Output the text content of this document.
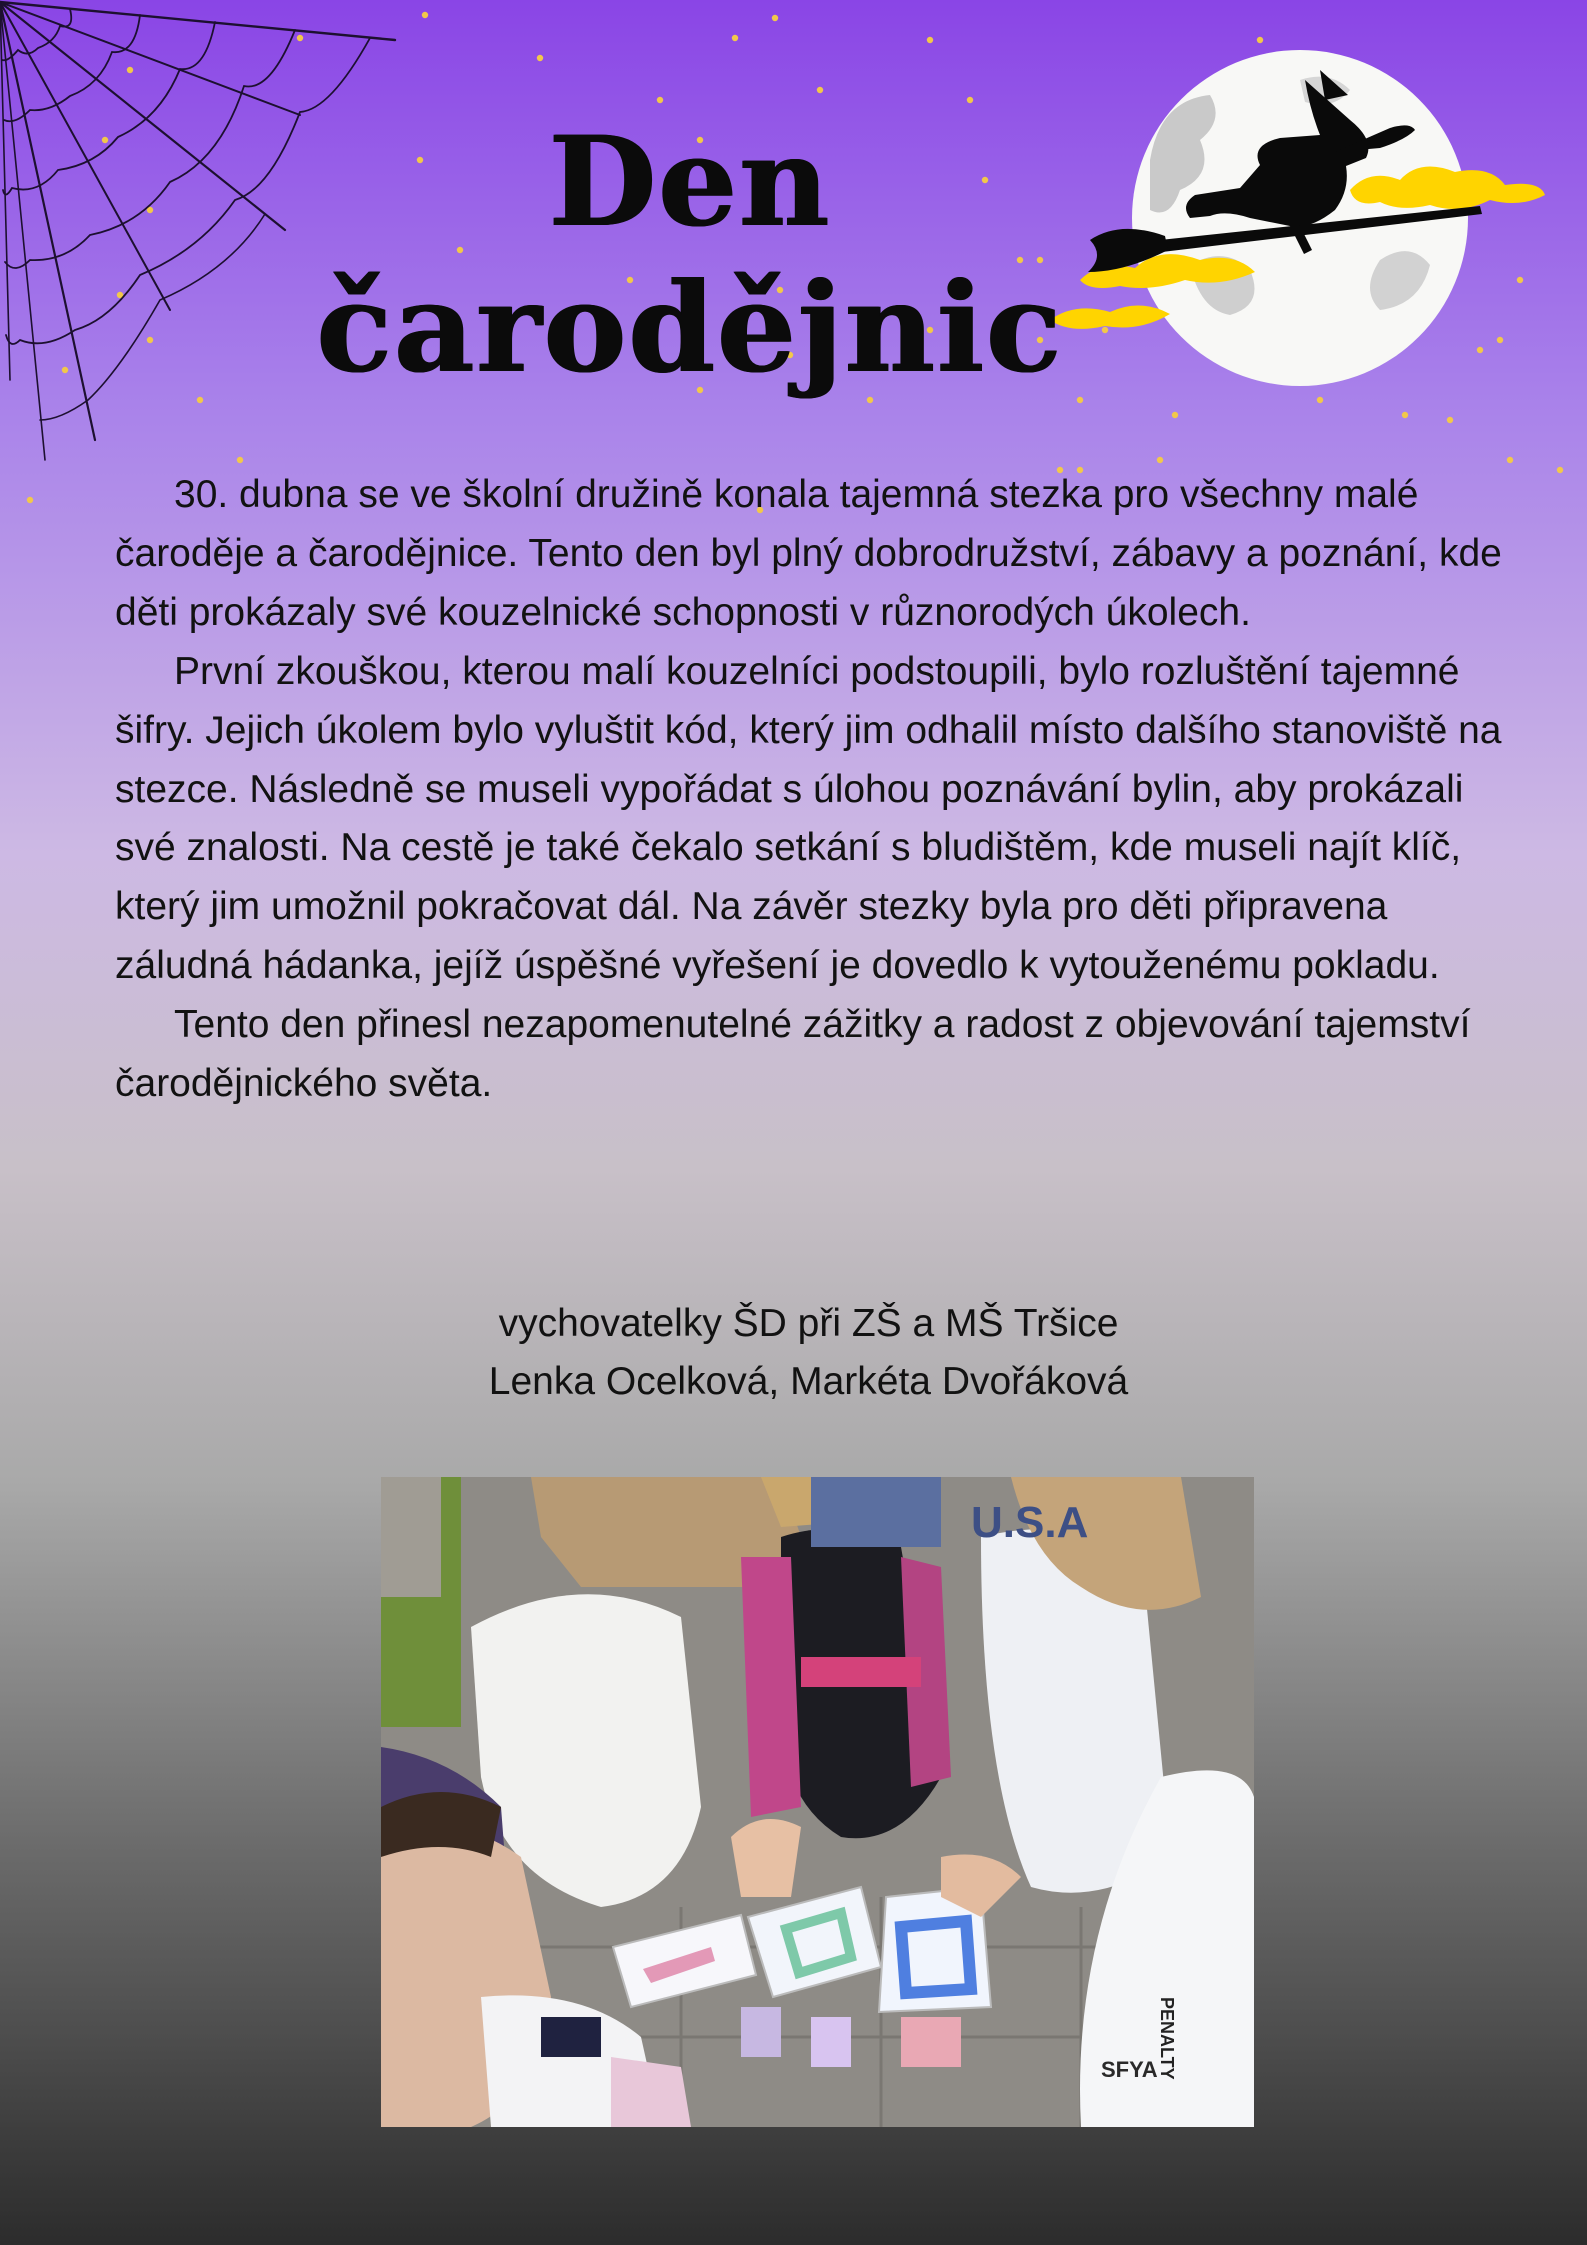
Den
čarodějnic

30. dubna se ve školní družině konala tajemná stezka pro všechny malé čaroděje a čarodějnice. Tento den byl plný dobrodružství, zábavy a poznání, kde děti prokázaly své kouzelnické schopnosti v různorodých úkolech.

První zkouškou, kterou malí kouzelníci podstoupili, bylo rozluštění tajemné šifry. Jejich úkolem bylo vyluštit kód, který jim odhalil místo dalšího stanoviště na stezce. Následně se museli vypořádat s úlohou poznávání bylin, aby prokázali své znalosti. Na cestě je také čekalo setkání s bludištěm, kde museli najít klíč, který jim umožnil pokračovat dál. Na závěr stezky byla pro děti připravena záludná hádanka, jejíž úspěšné vyřešení je dovedlo k vytouženému pokladu.

Tento den přinesl nezapomenutelné zážitky a radost z objevování tajemství čarodějnického světa.

vychovatelky ŠD při ZŠ a MŠ Tršice
Lenka Ocelková, Markéta Dvořáková
U.S.A
SFYA PENALTY
